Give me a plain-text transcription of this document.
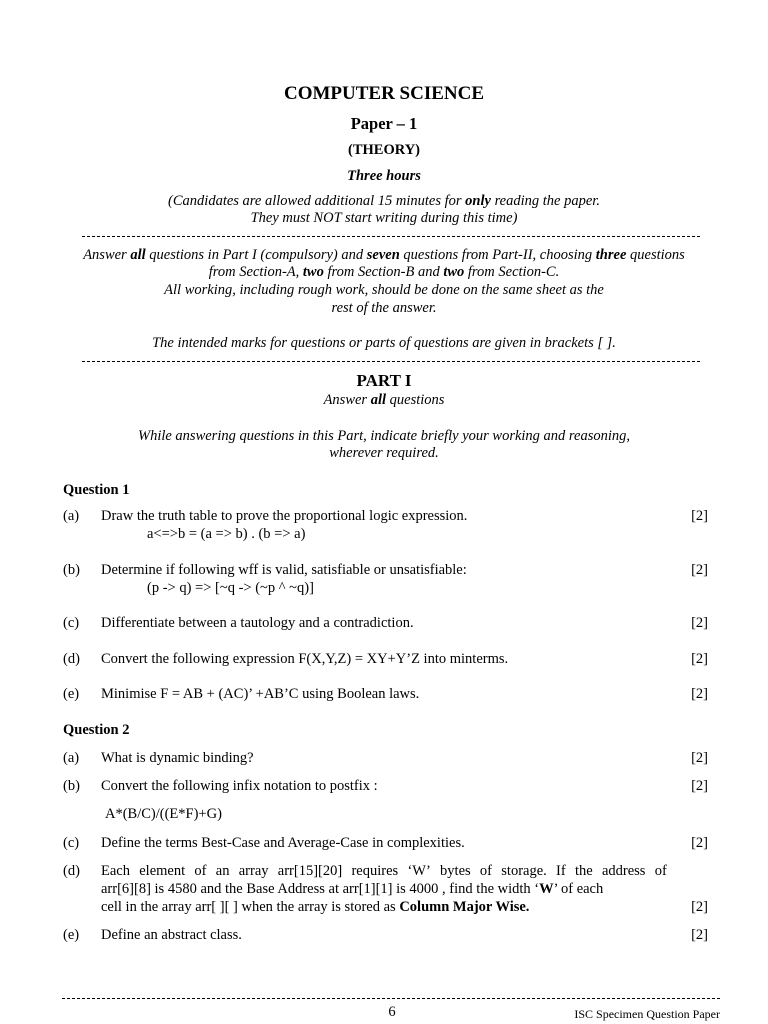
COMPUTER SCIENCE
Paper – 1
(THEORY)
Three hours
(Candidates are allowed additional 15 minutes for only reading the paper.
They must NOT start writing during this time)
Answer all questions in Part I (compulsory) and seven questions from Part-II, choosing three questions
from Section-A, two from Section-B and two from Section-C.
All working, including rough work, should be done on the same sheet as the
rest of the answer.
The intended marks for questions or parts of questions are given in brackets [ ].
PART I
Answer all questions
While answering questions in this Part, indicate briefly your working and reasoning,
wherever required.
Question 1
(a) Draw the truth table to prove the proportional logic expression.	[2]
a<=>b = (a => b) . (b => a)
(b) Determine if following wff is valid, satisfiable or unsatisfiable:	[2]
(p -> q) => [~q -> (~p ^ ~q)]
(c) Differentiate between a tautology and a contradiction.	[2]
(d) Convert the following expression F(X,Y,Z) = XY+Y’Z into minterms.	[2]
(e) Minimise F = AB + (AC)’ +AB’C using Boolean laws.	[2]
Question 2
(a) What is dynamic binding?	[2]
(b) Convert the following infix notation to postfix :	[2]
A*(B/C)/((E*F)+G)
(c) Define the terms Best-Case and Average-Case in complexities.	[2]
(d) Each element of an array arr[15][20] requires ‘W’ bytes of storage. If the address of
arr[6][8] is 4580 and the Base Address at arr[1][1] is 4000 , find the width ‘W’ of each
cell in the array arr[ ][ ] when the array is stored as Column Major Wise.	[2]
(e) Define an abstract class.	[2]
6	ISC Specimen Question Paper
